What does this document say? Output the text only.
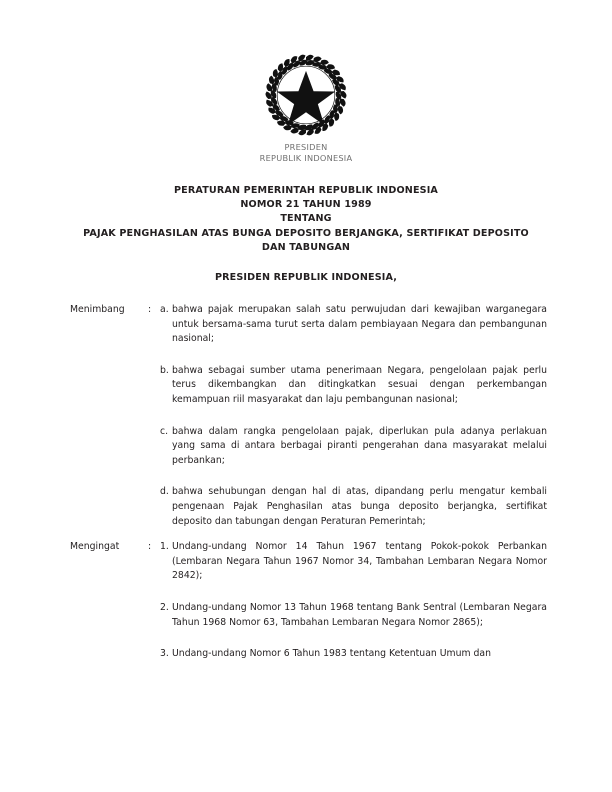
PRESIDEN
REPUBLIK INDONESIA
PERATURAN PEMERINTAH REPUBLIK INDONESIA
NOMOR 21 TAHUN 1989
TENTANG
PAJAK PENGHASILAN ATAS BUNGA DEPOSITO BERJANGKA, SERTIFIKAT DEPOSITO
DAN TABUNGAN
PRESIDEN REPUBLIK INDONESIA,
Menimbang	: a. bahwa pajak merupakan salah satu perwujudan dari kewajiban warganegara untuk bersama-sama turut serta dalam pembiayaan Negara dan pembangunan nasional;
b. bahwa sebagai sumber utama penerimaan Negara, pengelolaan pajak perlu terus dikembangkan dan ditingkatkan sesuai dengan perkembangan kemampuan riil masyarakat dan laju pembangunan nasional;
c. bahwa dalam rangka pengelolaan pajak, diperlukan pula adanya perlakuan yang sama di antara berbagai piranti pengerahan dana masyarakat melalui perbankan;
d. bahwa sehubungan dengan hal di atas, dipandang perlu mengatur kembali pengenaan Pajak Penghasilan atas bunga deposito berjangka, sertifikat deposito dan tabungan dengan Peraturan Pemerintah;
Mengingat	: 1. Undang-undang Nomor 14 Tahun 1967 tentang Pokok-pokok Perbankan (Lembaran Negara Tahun 1967 Nomor 34, Tambahan Lembaran Negara Nomor 2842);
2. Undang-undang Nomor 13 Tahun 1968 tentang Bank Sentral (Lembaran Negara Tahun 1968 Nomor 63, Tambahan Lembaran Negara Nomor 2865);
3. Undang-undang Nomor 6 Tahun 1983 tentang Ketentuan Umum dan
